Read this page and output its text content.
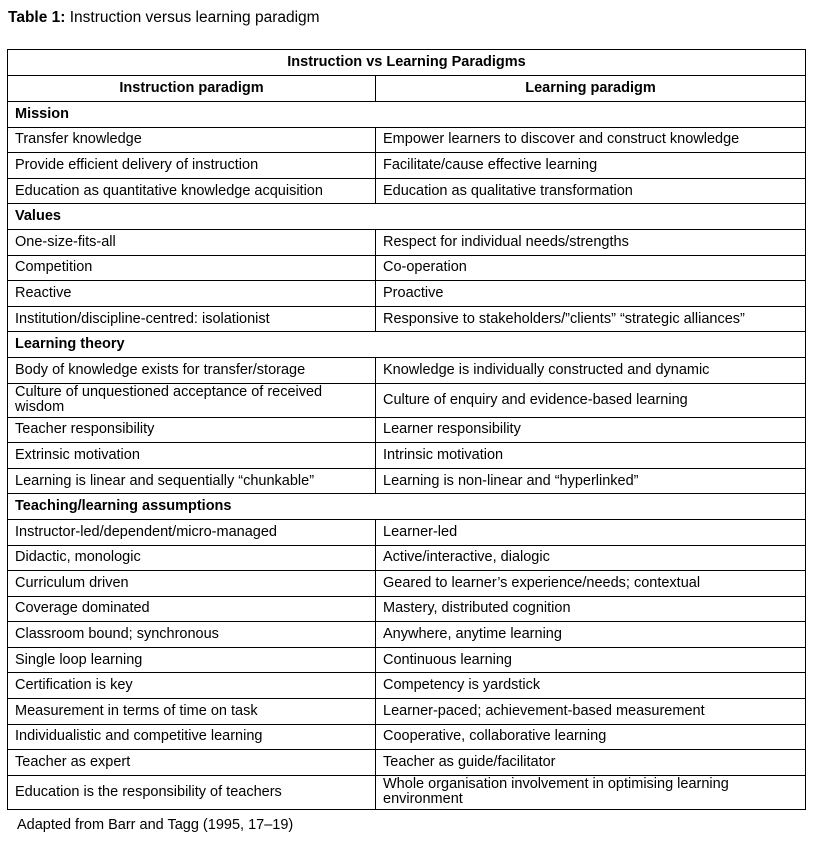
Table 1: Instruction versus learning paradigm
Instruction vs Learning Paradigms	
Instruction paradigm	Learning paradigm
Mission	
Transfer knowledge	Empower learners to discover and construct knowledge
Provide efficient delivery of instruction	Facilitate/cause effective learning
Education as quantitative knowledge acquisition	Education as qualitative transformation
Values	
One-size-fits-all	Respect for individual needs/strengths
Competition	Co-operation
Reactive	Proactive
Institution/discipline-centred: isolationist	Responsive to stakeholders/”clients” “strategic alliances”
Learning theory	
Body of knowledge exists for transfer/storage	Knowledge is individually constructed and dynamic
Culture of unquestioned acceptance of received wisdom	Culture of enquiry and evidence-based learning
Teacher responsibility	Learner responsibility
Extrinsic motivation	Intrinsic motivation
Learning is linear and sequentially “chunkable”	Learning is non-linear and “hyperlinked”
Teaching/learning assumptions	
Instructor-led/dependent/micro-managed	Learner-led
Didactic, monologic	Active/interactive, dialogic
Curriculum driven	Geared to learner’s experience/needs; contextual
Coverage dominated	Mastery, distributed cognition
Classroom bound; synchronous	Anywhere, anytime learning
Single loop learning	Continuous learning
Certification is key	Competency is yardstick
Measurement in terms of time on task	Learner-paced; achievement-based measurement
Individualistic and competitive learning	Cooperative, collaborative learning
Teacher as expert	Teacher as guide/facilitator
Education is the responsibility of teachers	Whole organisation involvement in optimising learning environment
Adapted from Barr and Tagg (1995, 17–19)
